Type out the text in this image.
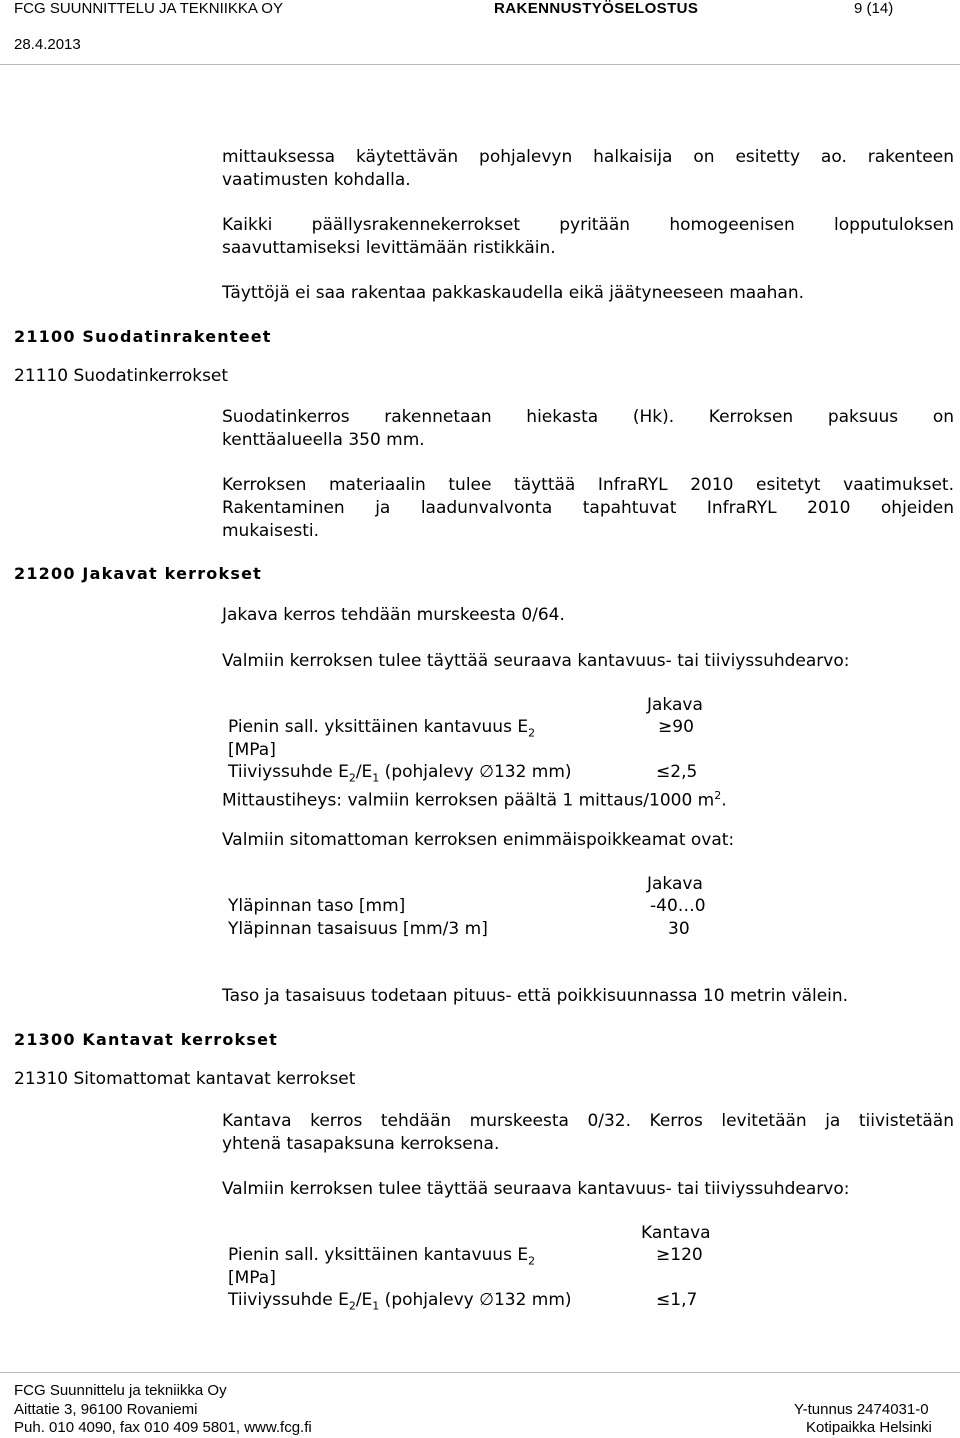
FCG SUUNNITTELU JA TEKNIIKKA OY	RAKENNUSTYÖSELOSTUS	9 (14)
28.4.2013
mittauksessa käytettävän pohjalevyn halkaisija on esitetty ao. rakenteen
vaatimusten kohdalla.
Kaikki päällysrakennekerrokset pyritään homogeenisen lopputuloksen
saavuttamiseksi levittämään ristikkäin.
Täyttöjä ei saa rakentaa pakkaskaudella eikä jäätyneeseen maahan.
21100 Suodatinrakenteet
21110 Suodatinkerrokset
Suodatinkerros rakennetaan hiekasta (Hk). Kerroksen paksuus on
kenttäalueella 350 mm.
Kerroksen materiaalin tulee täyttää InfraRYL 2010 esitetyt vaatimukset.
Rakentaminen ja laadunvalvonta tapahtuvat InfraRYL 2010 ohjeiden
mukaisesti.
21200 Jakavat kerrokset
Jakava kerros tehdään murskeesta 0/64.
Valmiin kerroksen tulee täyttää seuraava kantavuus- tai tiiviyssuhdearvo:
Jakava
Pienin sall. yksittäinen kantavuus $E_2$	≥90
[MPa]
Tiiviyssuhde $E_2/E_1$ (pohjalevy ∅132 mm)	≤2,5
Mittaustiheys: valmiin kerroksen päältä 1 mittaus/1000 $m^2$.
Valmiin sitomattoman kerroksen enimmäispoikkeamat ovat:
Jakava
Yläpinnan taso [mm]	-40…0
Yläpinnan tasaisuus [mm/3 m]	30
Taso ja tasaisuus todetaan pituus- että poikkisuunnassa 10 metrin välein.
21300 Kantavat kerrokset
21310 Sitomattomat kantavat kerrokset
Kantava kerros tehdään murskeesta 0/32. Kerros levitetään ja tiivistetään
yhtenä tasapaksuna kerroksena.
Valmiin kerroksen tulee täyttää seuraava kantavuus- tai tiiviyssuhdearvo:
Kantava
Pienin sall. yksittäinen kantavuus $E_2$	≥120
[MPa]
Tiiviyssuhde $E_2/E_1$ (pohjalevy ∅132 mm)	≤1,7
FCG Suunnittelu ja tekniikka Oy
Aittatie 3, 96100 Rovaniemi
Puh. 010 4090, fax 010 409 5801, www.fcg.fi
Y-tunnus 2474031-0
Kotipaikka Helsinki
